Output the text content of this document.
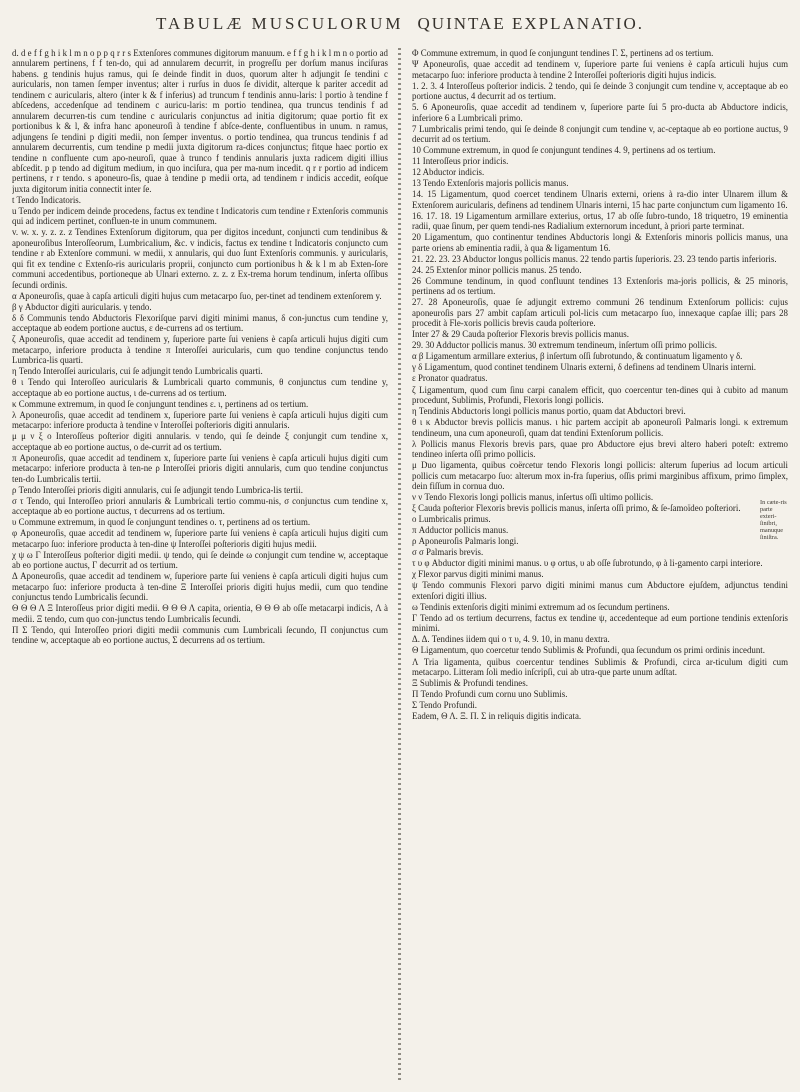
TABULÆ MUSCULORUM QUINTAE EXPLANATIO.

d. d e f f g h i k l m n o p p q r r s Extenſores communes digitorum manuum. e f f g h i k l m n o portio ad annularem pertinens, f f ten-do, qui ad annularem decurrit, in progreſſu per dorſum manus inciſuras habens. g tendinis hujus ramus, qui ſe deinde findit in duos, quorum alter h adjungit ſe tendini c auricularis, non tamen ſemper inventus; alter i rurſus in duos ſe dividit, alterque k pariter accedit ad tendinem c auricularis, altero (inter k & f inferius) ad truncum f tendinis annu-laris: l portio à tendine f abſcedens, accedenſque ad tendinem c auricu-laris: m portio tendinea, qua truncus tendinis f ad annularem decurren-tis cum tendine c auricularis conjunctus ad initia digitorum; quae portio fit ex portionibus k & l, & infra hanc aponeuroſi à tendine f abſce-dente, confluentibus in unum. n ramus, adjungens ſe tendini p digiti medii, non ſemper inventus. o portio tendinea, qua truncus tendinis f ad annularem decurrentis, cum tendine p medii juxta digitorum ra-dices conjunctus; fitque haec portio ex tendine n confluente cum apo-neuroſi, quae à trunco f tendinis annularis juxta radicem digiti illius abſcedit. p p tendo ad digitum medium, in quo inciſura, qua per ma-num incedit. q r r portio ad indicem pertinens, r r tendo. s aponeuro-ſis, quae à tendine p medii orta, ad tendinem r indicis accedit, eoſque juxta digitorum initia connectit inter ſe.

t Tendo Indicatoris.

u Tendo per indicem deinde procedens, factus ex tendine t Indicatoris cum tendine r Extenſoris communis qui ad indicem pertinet, confluen-te in unum communem.

v. w. x. y. z. z. z Tendines Extenſorum digitorum, qua per digitos incedunt, conjuncti cum tendinibus & aponeuroſibus Interoſſeorum, Lumbricalium, &c. v indicis, factus ex tendine t Indicatoris conjuncto cum tendine r ab Extenſore communi. w medii, x annularis, qui duo ſunt Extenſoris communis. y auricularis, qui fit ex tendine c Extenſo-ris auricularis proprii, conjuncto cum portionibus h & k l m ab Exten-ſore communi accedentibus, portioneque ab Ulnari externo. z. z. z Ex-trema horum tendinum, inſerta oſſibus ſecundi ordinis.

α Aponeuroſis, quae à capſa articuli digiti hujus cum metacarpo ſuo, per-tinet ad tendinem extenſorem y.

β γ Abductor digiti auricularis. γ tendo.

δ δ Communis tendo Abductoris Flexoriſque parvi digiti minimi manus, δ con-junctus cum tendine y, acceptaque ab eodem portione auctus, ε de-currens ad os tertium.

ζ Aponeuroſis, quae accedit ad tendinem y, ſuperiore parte ſui veniens è capſa articuli hujus digiti cum metacarpo, inferiore producta à tendine π Interoſſei auricularis, cum quo tendine conjunctus tendo Lumbrica-lis quarti.

η Tendo Interoſſei auricularis, cui ſe adjungit tendo Lumbricalis quarti.

θ ι Tendo qui Interoſſeo auricularis & Lumbricali quarto communis, θ conjunctus cum tendine y, acceptaque ab eo portione auctus, ι de-currens ad os tertium.

κ Commune extremum, in quod ſe conjungunt tendines ε. ι, pertinens ad os tertium.

λ Aponeuroſis, quae accedit ad tendinem x, ſuperiore parte ſui veniens è capſa articuli hujus digiti cum metacarpo: inferiore producta à tendine ν Interoſſei poſterioris digiti annularis.

μ μ ν ξ ο Interoſſeus poſterior digiti annularis. ν tendo, qui ſe deinde ξ conjungit cum tendine x, acceptaque ab eo portione auctus, ο de-currit ad os tertium.

π Aponeuroſis, quae accedit ad tendinem x, ſuperiore parte ſui veniens è capſa articuli hujus digiti cum metacarpo: inferiore producta à ten-ne ρ Interoſſei prioris digiti annularis, cum quo tendine conjunctus ten-do Lumbricalis tertii.

ρ Tendo Interoſſei prioris digiti annularis, cui ſe adjungit tendo Lumbrica-lis tertii.

σ τ Tendo, qui Interoſſeo priori annularis & Lumbricali tertio commu-nis, σ conjunctus cum tendine x, acceptaque ab eo portione auctus, τ decurrens ad os tertium.

υ Commune extremum, in quod ſe conjungunt tendines ο. τ, pertinens ad os tertium.

φ Aponeuroſis, quae accedit ad tendinem w, ſuperiore parte ſui veniens è capſa articuli hujus digiti cum metacarpo ſuo: inferiore producta à ten-dine ψ Interoſſei poſterioris digiti hujus medii.

χ ψ ω Γ Interoſſeus poſterior digiti medii. ψ tendo, qui ſe deinde ω conjungit cum tendine w, acceptaque ab eo portione auctus, Γ decurrit ad os tertium.

Δ Aponeuroſis, quae accedit ad tendinem w, ſuperiore parte ſui veniens è capſa articuli digiti hujus cum metacarpo ſuo: inferiore producta à ten-dine Ξ Interoſſei prioris digiti hujus medii, cum quo tendine conjunctus tendo Lumbricalis ſecundi.

Θ Θ Θ Λ Ξ Interoſſeus prior digiti medii. Θ Θ Θ Λ capita, orientia, Θ Θ Θ ab oſſe metacarpi indicis, Λ à medii. Ξ tendo, cum quo con-junctus tendo Lumbricalis ſecundi.

Π Σ Tendo, qui Interoſſeo priori digiti medii communis cum Lumbricali ſecundo, Π conjunctus cum tendine w, acceptaque ab eo portione auctus, Σ decurrens ad os tertium.

Φ Commune extremum, in quod ſe conjungunt tendines Γ. Σ, pertinens ad os tertium.

Ψ Aponeuroſis, quae accedit ad tendinem v, ſuperiore parte ſui veniens è capſa articuli hujus cum metacarpo ſuo: inferiore producta à tendine 2 Interoſſei poſterioris digiti hujus indicis.

1. 2. 3. 4 Interoſſeus poſterior indicis. 2 tendo, qui ſe deinde 3 conjungit cum tendine v, acceptaque ab eo portione auctus, 4 decurrit ad os tertium.

5. 6 Aponeuroſis, quae accedit ad tendinem v, ſuperiore parte ſui 5 pro-ducta ab Abductore indicis, inferiore 6 a Lumbricali primo.

7 Lumbricalis primi tendo, qui ſe deinde 8 conjungit cum tendine v, ac-ceptaque ab eo portione auctus, 9 decurrit ad os tertium.

10 Commune extremum, in quod ſe conjungunt tendines 4. 9, pertinens ad os tertium.

11 Interoſſeus prior indicis.

12 Abductor indicis.

13 Tendo Extenſoris majoris pollicis manus.

14. 15 Ligamentum, quod coercet tendinem Ulnaris externi, oriens à ra-dio inter Ulnarem illum & Extenſorem auricularis, definens ad tendinem Ulnaris interni, 15 hac parte conjunctum cum ligamento 16.

16. 17. 18. 19 Ligamentum armillare exterius, ortus, 17 ab oſſe ſubro-tundo, 18 triquetro, 19 eminentia radii, quae ſinum, per quem tendi-nes Radialium externorum incedunt, à priori parte terminat.

20 Ligamentum, quo continentur tendines Abductoris longi & Extenſoris minoris pollicis manus, una parte oriens ab eminentia radii, à qua & ligamentum 16.

21. 22. 23. 23 Abductor longus pollicis manus. 22 tendo partis ſuperioris. 23. 23 tendo partis inferioris.

24. 25 Extenſor minor pollicis manus. 25 tendo.

26 Commune tendinum, in quod confluunt tendines 13 Extenſoris ma-joris pollicis, & 25 minoris, pertinens ad os tertium.

27. 28 Aponeuroſis, quae ſe adjungit extremo communi 26 tendinum Extenſorum pollicis: cujus aponeuroſis pars 27 ambit capſam articuli pol-licis cum metacarpo ſuo, innexaque capſae illi; pars 28 procedit à Fle-xoris pollicis brevis cauda poſteriore.

Inter 27 & 29 Cauda poſterior Flexoris brevis pollicis manus.

29. 30 Adductor pollicis manus. 30 extremum tendineum, inſertum oſſi primo pollicis.

α β Ligamentum armillare exterius, β inſertum oſſi ſubrotundo, & continuatum ligamento γ δ.

γ δ Ligamentum, quod continet tendinem Ulnaris externi, δ definens ad tendinem Ulnaris interni.

ε Pronator quadratus.

ζ Ligamentum, quod cum ſinu carpi canalem efficit, quo coercentur ten-dines qui à cubito ad manum procedunt, Sublimis, Profundi, Flexoris longi pollicis.

η Tendinis Abductoris longi pollicis manus portio, quam dat Abductori brevi.

θ ι κ Abductor brevis pollicis manus. ι hic partem accipit ab aponeuroſi Palmaris longi. κ extremum tendineum, una cum aponeuroſi, quam dat tendini Extenſorum pollicis.

λ Pollicis manus Flexoris brevis pars, quae pro Abductore ejus brevi altero haberi poteſt: extremo tendineo inſerta oſſi primo pollicis.

μ Duo ligamenta, quibus coërcetur tendo Flexoris longi pollicis: alterum ſuperius ad locum articuli pollicis cum metacarpo ſuo: alterum mox in-fra ſuperius, oſſis primi marginibus affixum, primo ſimplex, dein fiſſum in cornua duo.

ν ν Tendo Flexoris longi pollicis manus, inſertus oſſi ultimo pollicis.

ξ Cauda poſterior Flexoris brevis pollicis manus, inſerta oſſi primo, & ſe-ſamoïdeo poſteriori.

ο Lumbricalis primus.

π Adductor pollicis manus.

ρ Aponeuroſis Palmaris longi.

σ σ Palmaris brevis.

τ υ φ Abductor digiti minimi manus. υ φ ortus, υ ab oſſe ſubrotundo, φ à li-gamento carpi interiore.

χ Flexor parvus digiti minimi manus.

ψ Tendo communis Flexori parvo digiti minimi manus cum Abductore ejuſdem, adjunctus tendini extenſori digiti illius.

ω Tendinis extenſoris digiti minimi extremum ad os ſecundum pertinens.

Γ Tendo ad os tertium decurrens, factus ex tendine ψ, accedenteque ad eum portione tendinis extenſoris minimi.

Δ. Δ. Tendines iidem qui ο τ υ, 4. 9. 10, in manu dextra.

Θ Ligamentum, quo coercetur tendo Sublimis & Profundi, qua ſecundum os primi ordinis incedunt.

Λ Tria ligamenta, quibus coercentur tendines Sublimis & Profundi, circa ar-ticulum digiti cum metacarpo. Litteram ſoli medio inſcripſi, cui ab utra-que parte unum adſtat.

Ξ Sublimis & Profundi tendines.

Π Tendo Profundi cum cornu uno Sublimis.

Σ Tendo Profundi.

Eadem, Θ Λ. Ξ. Π. Σ in reliquis digitis indicata.

In cæte-ris parte exteri-ſinibri, manuque ſiniſtra.
